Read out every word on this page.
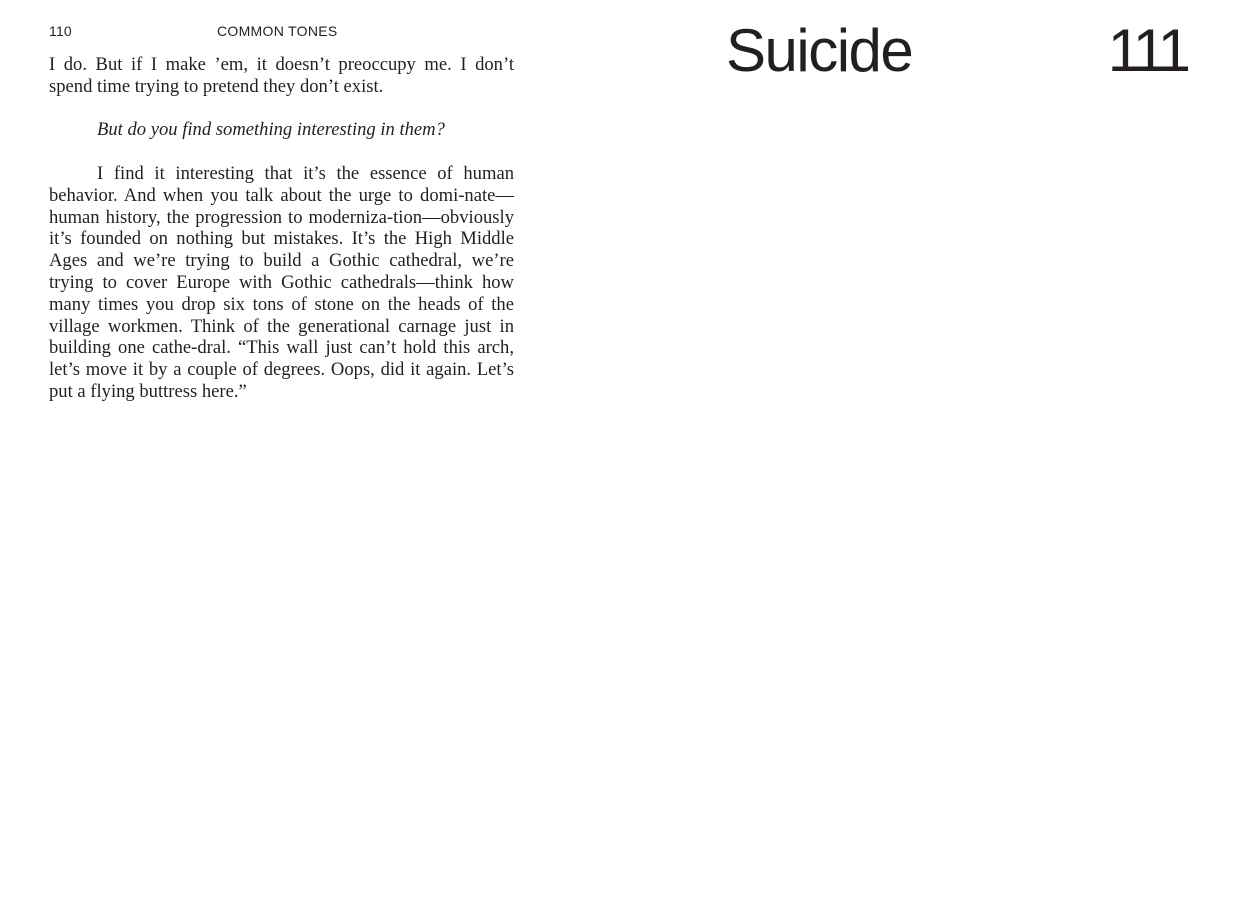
110	COMMON TONES

I do. But if I make ’em, it doesn’t preoccupy me. I don’t spend time trying to pretend they don’t exist.

But do you find something interesting in them?

I find it interesting that it’s the essence of human behavior. And when you talk about the urge to domi-nate—human history, the progression to moderniza-tion—obviously it’s founded on nothing but mistakes. It’s the High Middle Ages and we’re trying to build a Gothic cathedral, we’re trying to cover Europe with Gothic cathedrals—think how many times you drop six tons of stone on the heads of the village workmen. Think of the generational carnage just in building one cathe-dral. “This wall just can’t hold this arch, let’s move it by a couple of degrees. Oops, did it again. Let’s put a flying buttress here.”

Suicide	111
